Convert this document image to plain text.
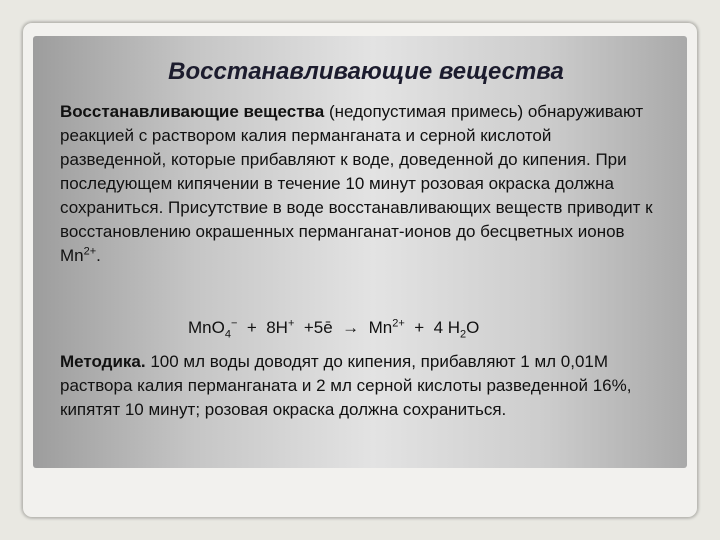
Восстанавливающие вещества
Восстанавливающие вещества (недопустимая примесь) обнаруживают реакцией с раствором калия перманганата и серной кислотой разведенной, которые прибавляют к воде, доведенной до кипения. При последующем кипячении в течение 10 минут розовая окраска должна сохраниться. Присутствие в воде восстанавливающих веществ приводит к восстановлению окрашенных перманганат-ионов до бесцветных ионов $Mn^{2+}$.
MnO$_4$−  +  8H+  +5ē  →  $Mn^{2+} + 4$ $H_2O$
Методика. 100 мл воды доводят до кипения, прибавляют 1 мл 0,01М раствора калия перманганата и 2 мл серной кислоты разведенной 16%, кипятят 10 минут; розовая окраска должна сохраниться.
